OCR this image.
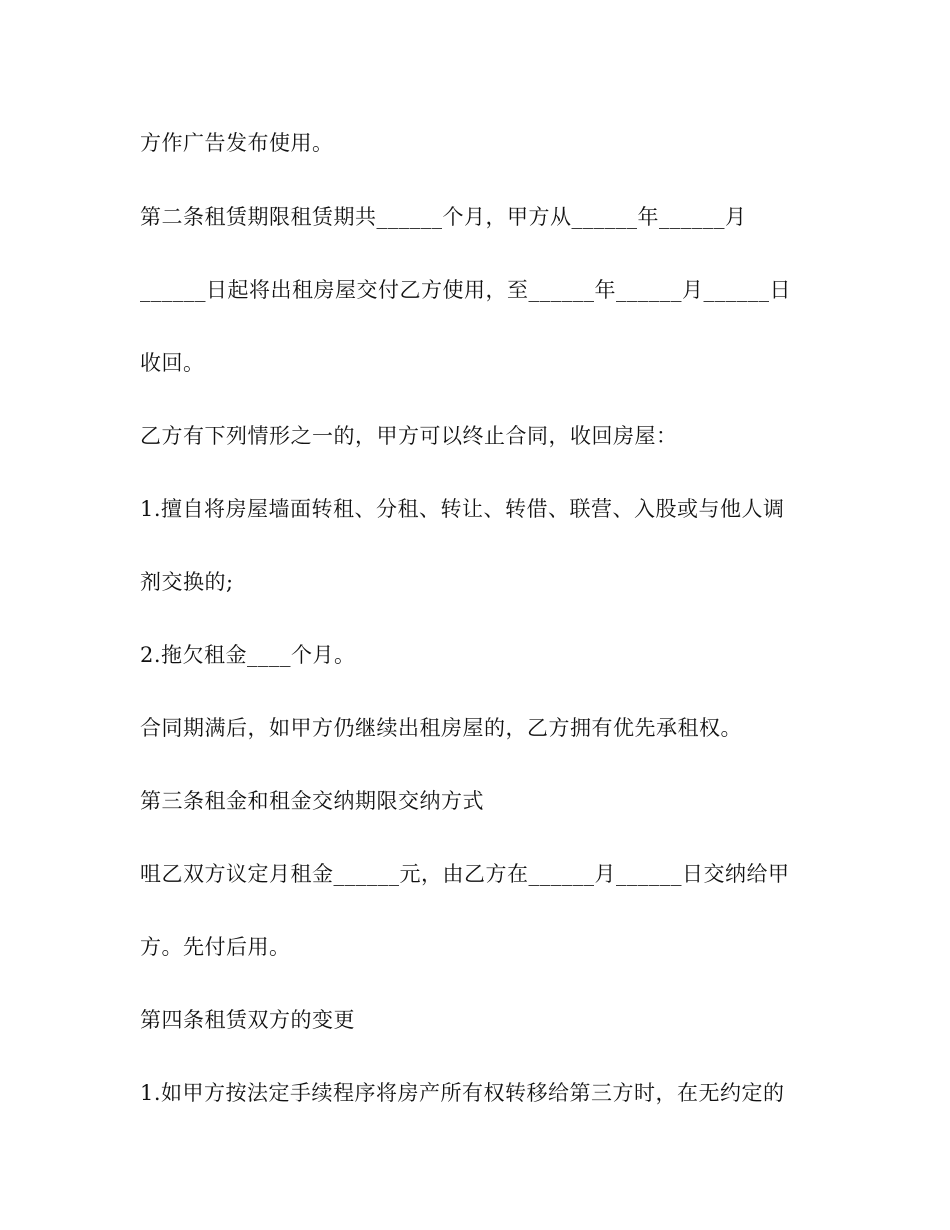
方作广告发布使用。
第二条租赁期限租赁期共______个月，甲方从______年______月
______日起将出租房屋交付乙方使用，至______年______月______日
收回。
乙方有下列情形之一的，甲方可以终止合同，收回房屋：
1.擅自将房屋墙面转租、分租、转让、转借、联营、入股或与他人调
剂交换的;
2.拖欠租金____个月。
合同期满后，如甲方仍继续出租房屋的，乙方拥有优先承租权。
第三条租金和租金交纳期限交纳方式
咀乙双方议定月租金______元，由乙方在______月______日交纳给甲
方。先付后用。
第四条租赁双方的变更
1.如甲方按法定手续程序将房产所有权转移给第三方时，在无约定的
